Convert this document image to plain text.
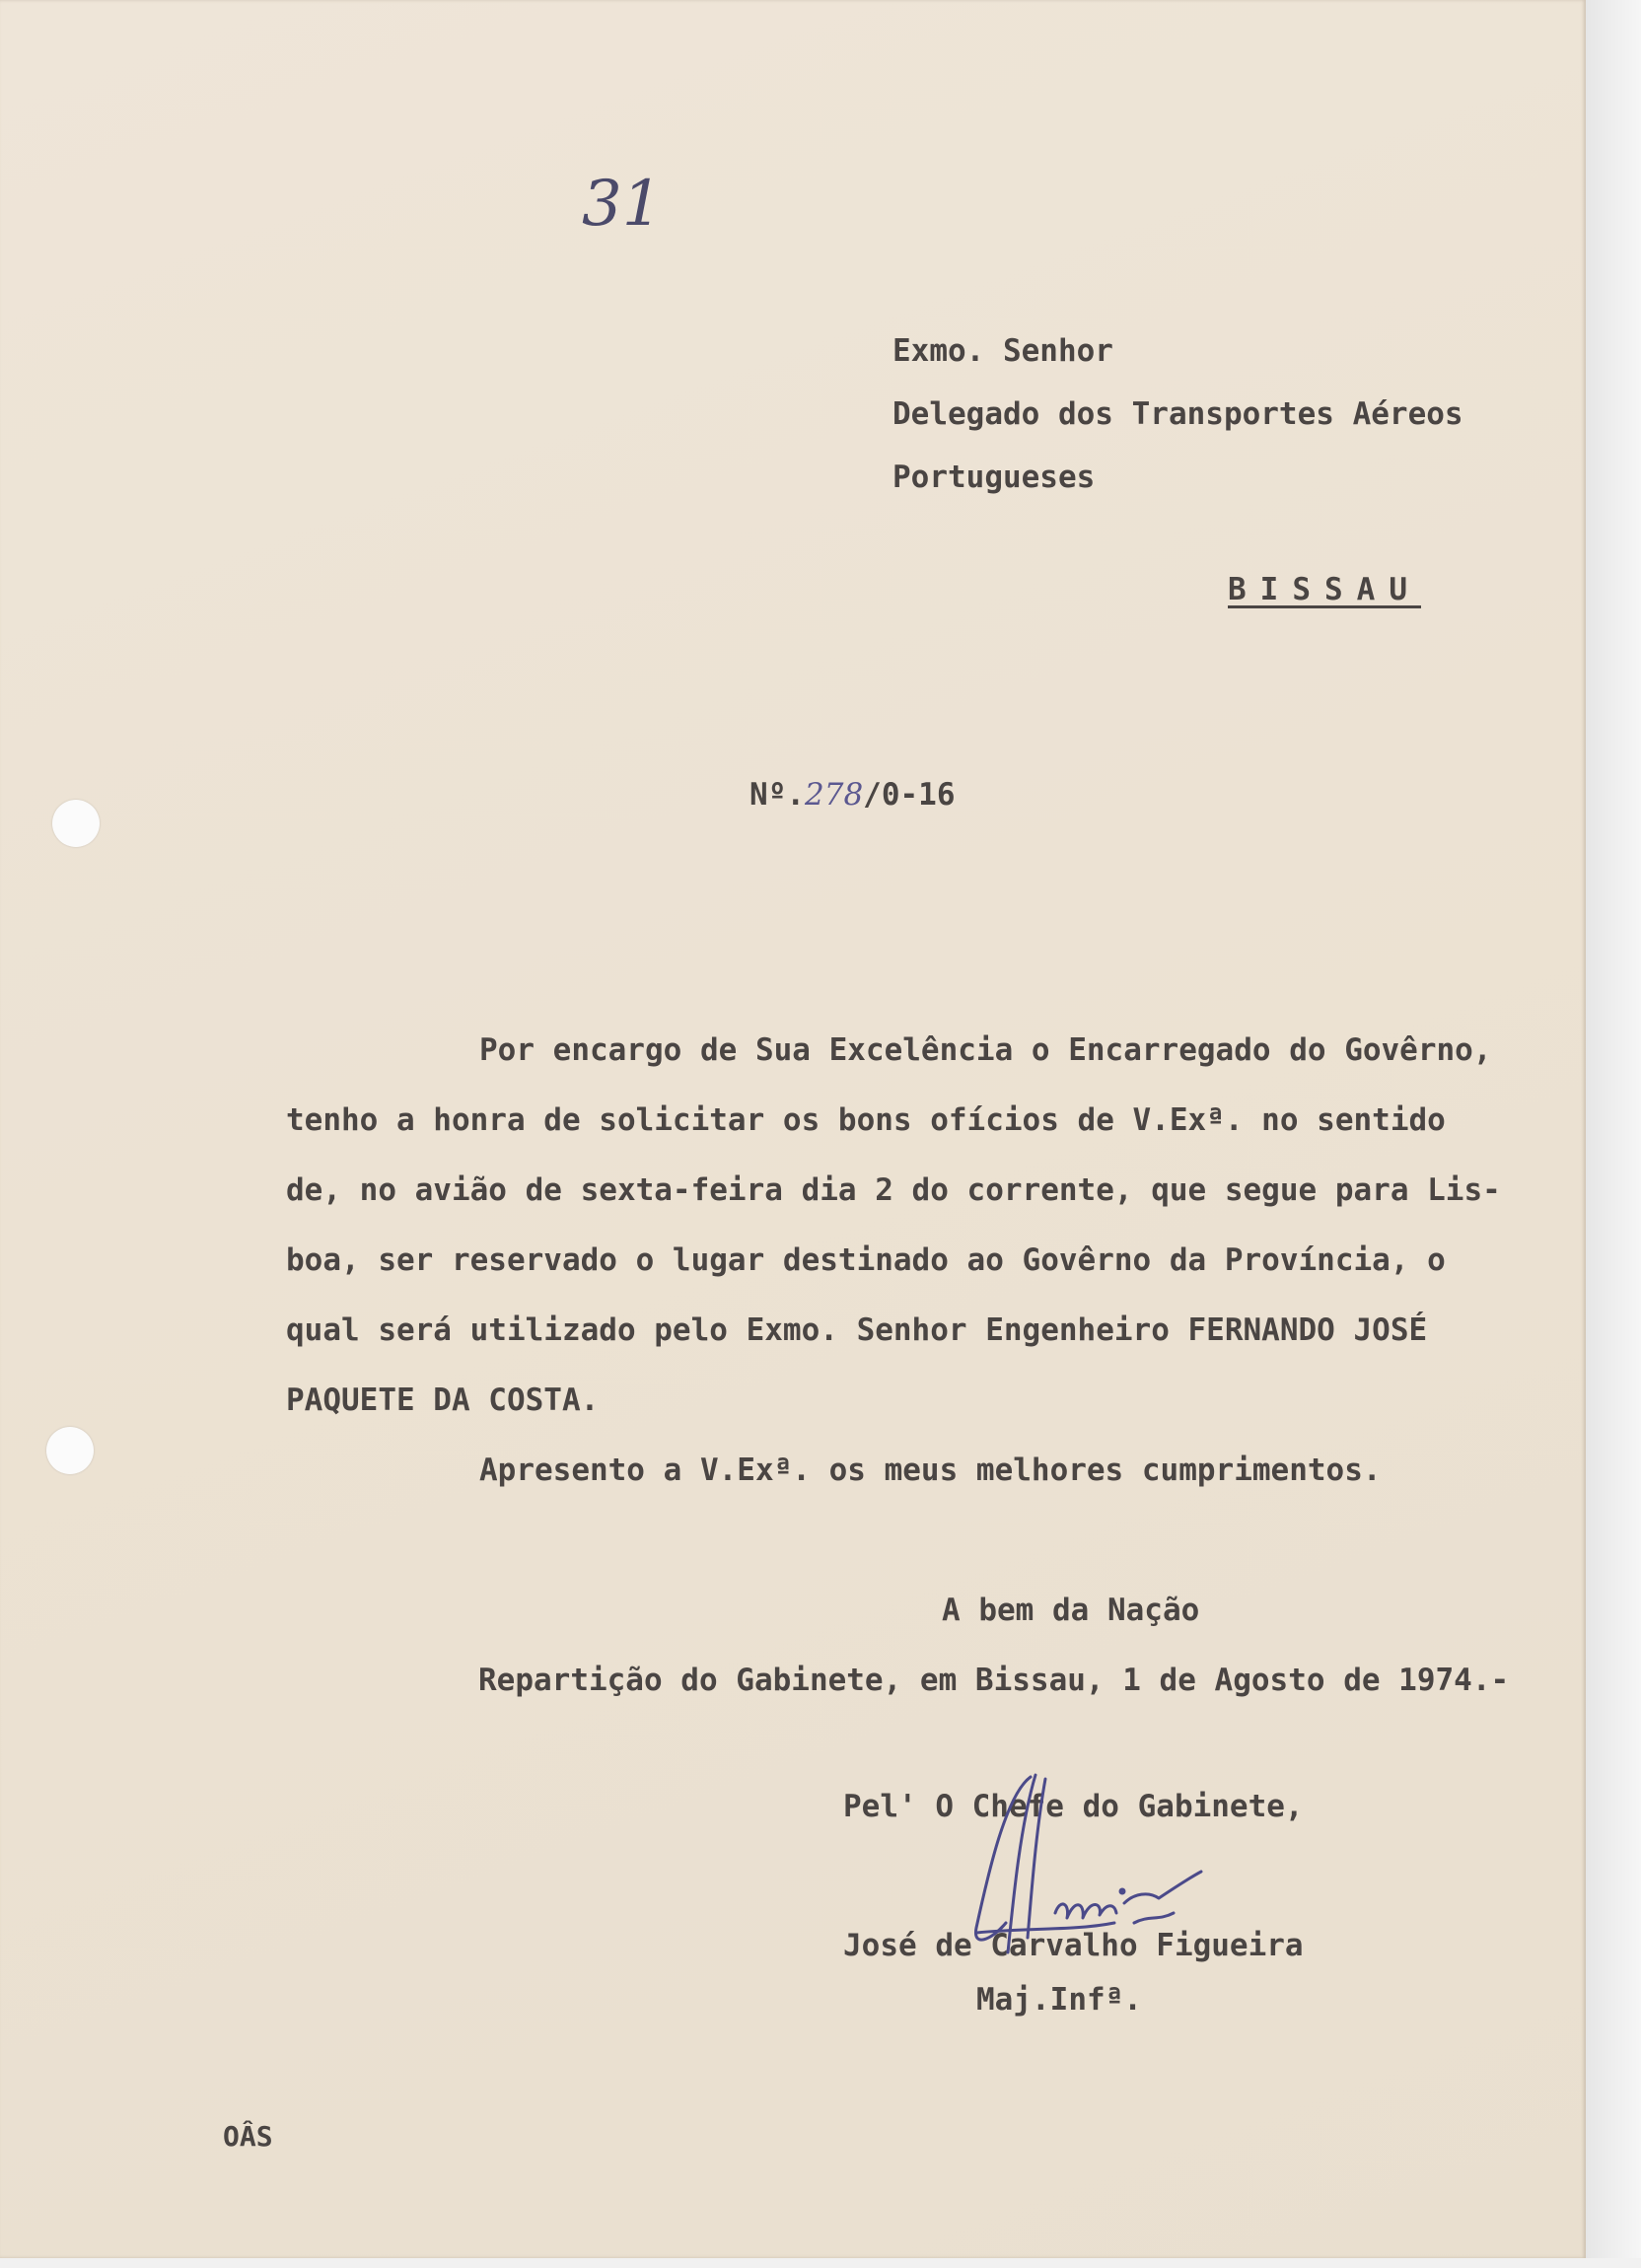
31
Exmo. Senhor
Delegado dos Transportes Aéreos
Portugueses
BISSAU
Nº.278/0-16

Por encargo de Sua Excelência o Encarregado do Govêrno,

tenho a honra de solicitar os bons ofícios de V.Exª. no sentido

de, no avião de sexta-feira dia 2 do corrente, que segue para Lis-

boa, ser reservado o lugar destinado ao Govêrno da Província, o

qual será utilizado pelo Exmo. Senhor Engenheiro FERNANDO JOSÉ

PAQUETE DA COSTA.

Apresento a V.Exª. os meus melhores cumprimentos.

A bem da Nação
Repartição do Gabinete, em Bissau, 1 de Agosto de 1974.-
Pel' O Chefe do Gabinete,
José de Carvalho Figueira
Maj.Infª.
OÂS
